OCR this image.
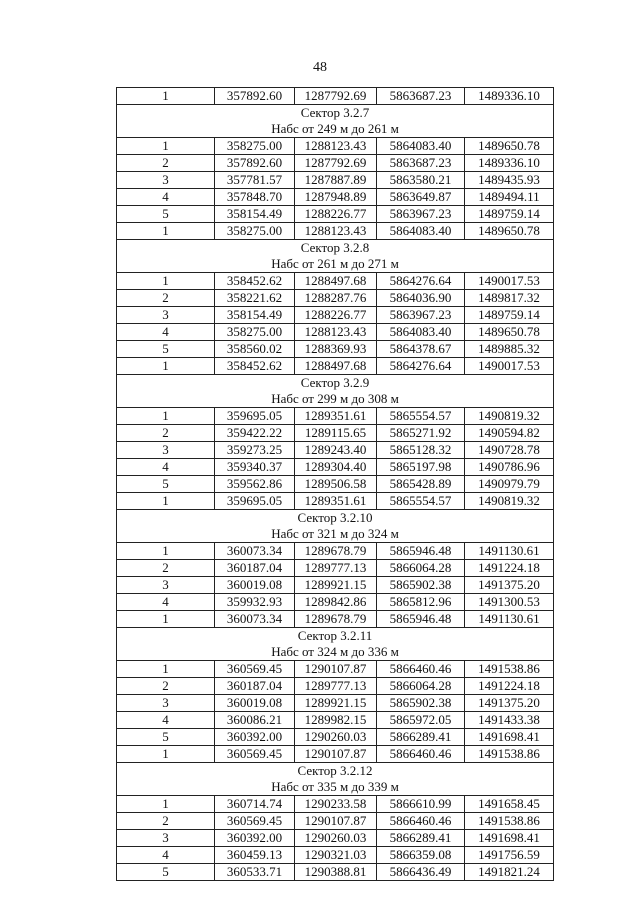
48
1	357892.60	1287792.69	5863687.23	1489336.10
Сектор 3.2.7				
Набс от 249 м до 261 м				
1	358275.00	1288123.43	5864083.40	1489650.78
2	357892.60	1287792.69	5863687.23	1489336.10
3	357781.57	1287887.89	5863580.21	1489435.93
4	357848.70	1287948.89	5863649.87	1489494.11
5	358154.49	1288226.77	5863967.23	1489759.14
1	358275.00	1288123.43	5864083.40	1489650.78
Сектор 3.2.8				
Набс от 261 м до 271 м				
1	358452.62	1288497.68	5864276.64	1490017.53
2	358221.62	1288287.76	5864036.90	1489817.32
3	358154.49	1288226.77	5863967.23	1489759.14
4	358275.00	1288123.43	5864083.40	1489650.78
5	358560.02	1288369.93	5864378.67	1489885.32
1	358452.62	1288497.68	5864276.64	1490017.53
Сектор 3.2.9				
Набс от 299 м до 308 м				
1	359695.05	1289351.61	5865554.57	1490819.32
2	359422.22	1289115.65	5865271.92	1490594.82
3	359273.25	1289243.40	5865128.32	1490728.78
4	359340.37	1289304.40	5865197.98	1490786.96
5	359562.86	1289506.58	5865428.89	1490979.79
1	359695.05	1289351.61	5865554.57	1490819.32
Сектор 3.2.10				
Набс от 321 м до 324 м				
1	360073.34	1289678.79	5865946.48	1491130.61
2	360187.04	1289777.13	5866064.28	1491224.18
3	360019.08	1289921.15	5865902.38	1491375.20
4	359932.93	1289842.86	5865812.96	1491300.53
1	360073.34	1289678.79	5865946.48	1491130.61
Сектор 3.2.11				
Набс от 324 м до 336 м				
1	360569.45	1290107.87	5866460.46	1491538.86
2	360187.04	1289777.13	5866064.28	1491224.18
3	360019.08	1289921.15	5865902.38	1491375.20
4	360086.21	1289982.15	5865972.05	1491433.38
5	360392.00	1290260.03	5866289.41	1491698.41
1	360569.45	1290107.87	5866460.46	1491538.86
Сектор 3.2.12				
Набс от 335 м до 339 м				
1	360714.74	1290233.58	5866610.99	1491658.45
2	360569.45	1290107.87	5866460.46	1491538.86
3	360392.00	1290260.03	5866289.41	1491698.41
4	360459.13	1290321.03	5866359.08	1491756.59
5	360533.71	1290388.81	5866436.49	1491821.24
